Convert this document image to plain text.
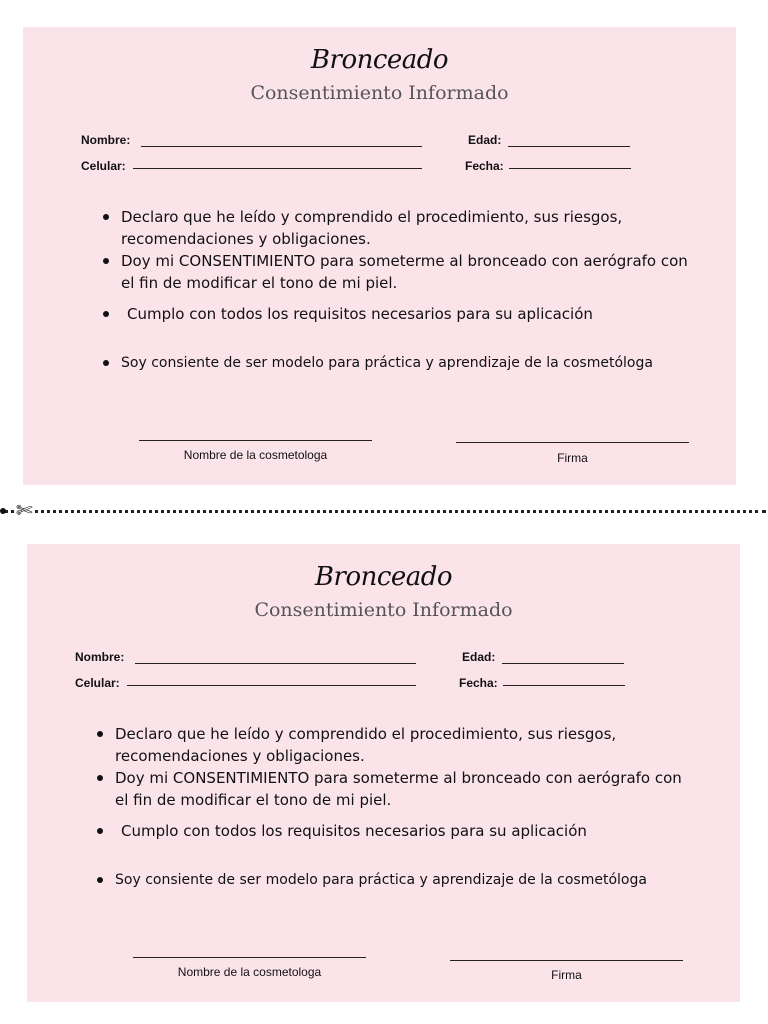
Bronceado
Consentimiento Informado
Nombre:	Edad:
Celular:	Fecha:
Declaro que he leído y comprendido el procedimiento, sus riesgos, recomendaciones y obligaciones.
Doy mi CONSENTIMIENTO para someterme al bronceado con aerógrafo con el fin de modificar el tono de mi piel.
Cumplo con todos los requisitos necesarios para su aplicación
Soy consiente de ser modelo para práctica y aprendizaje de la cosmetóloga
Nombre de la cosmetologa	Firma
✄
Bronceado
Consentimiento Informado
Nombre:	Edad:
Celular:	Fecha:
Declaro que he leído y comprendido el procedimiento, sus riesgos, recomendaciones y obligaciones.
Doy mi CONSENTIMIENTO para someterme al bronceado con aerógrafo con el fin de modificar el tono de mi piel.
Cumplo con todos los requisitos necesarios para su aplicación
Soy consiente de ser modelo para práctica y aprendizaje de la cosmetóloga
Nombre de la cosmetologa	Firma
